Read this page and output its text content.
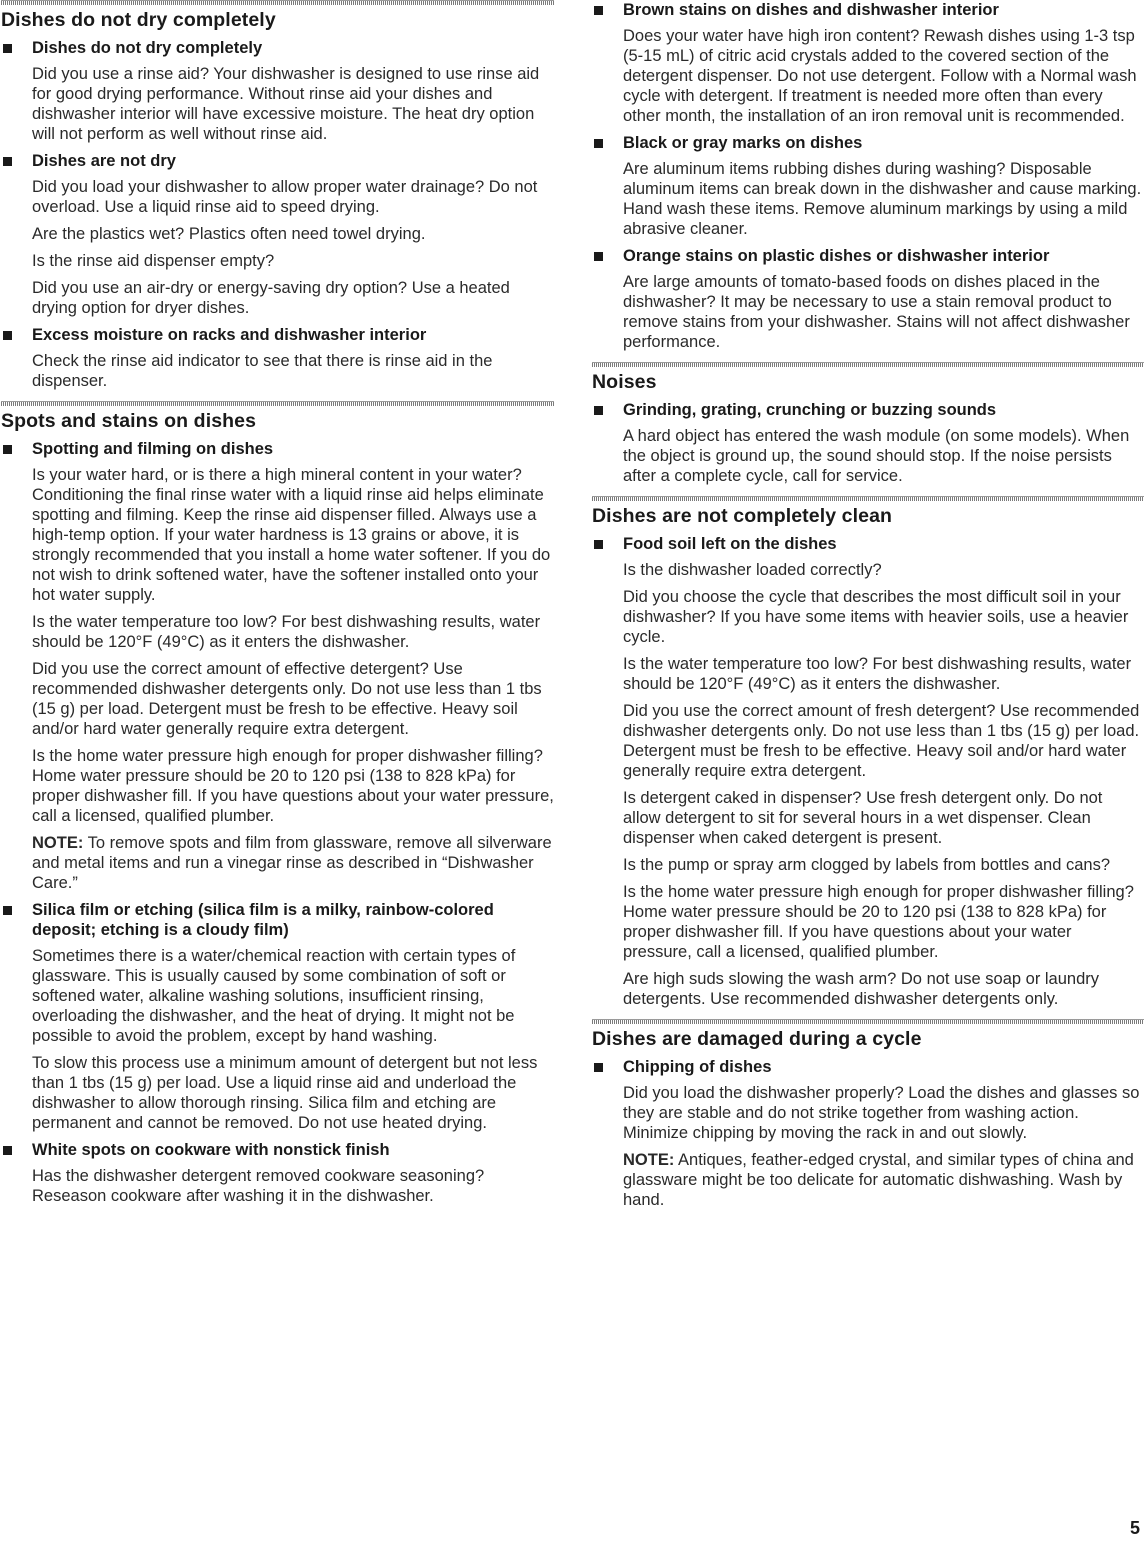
Dishes do not dry completely
Dishes do not dry completely
Did you use a rinse aid? Your dishwasher is designed to use rinse aid for good drying performance. Without rinse aid your dishes and dishwasher interior will have excessive moisture. The heat dry option will not perform as well without rinse aid.
Dishes are not dry
Did you load your dishwasher to allow proper water drainage? Do not overload. Use a liquid rinse aid to speed drying.
Are the plastics wet? Plastics often need towel drying.
Is the rinse aid dispenser empty?
Did you use an air-dry or energy-saving dry option? Use a heated drying option for dryer dishes.
Excess moisture on racks and dishwasher interior
Check the rinse aid indicator to see that there is rinse aid in the dispenser.
Spots and stains on dishes
Spotting and filming on dishes
Is your water hard, or is there a high mineral content in your water? Conditioning the final rinse water with a liquid rinse aid helps eliminate spotting and filming. Keep the rinse aid dispenser filled. Always use a high-temp option. If your water hardness is 13 grains or above, it is strongly recommended that you install a home water softener. If you do not wish to drink softened water, have the softener installed onto your hot water supply.
Is the water temperature too low? For best dishwashing results, water should be 120°F (49°C) as it enters the dishwasher.
Did you use the correct amount of effective detergent? Use recommended dishwasher detergents only. Do not use less than 1 tbs (15 g) per load. Detergent must be fresh to be effective. Heavy soil and/or hard water generally require extra detergent.
Is the home water pressure high enough for proper dishwasher filling? Home water pressure should be 20 to 120 psi (138 to 828 kPa) for proper dishwasher fill. If you have questions about your water pressure, call a licensed, qualified plumber.
NOTE: To remove spots and film from glassware, remove all silverware and metal items and run a vinegar rinse as described in “Dishwasher Care.”
Silica film or etching (silica film is a milky, rainbow-colored deposit; etching is a cloudy film)
Sometimes there is a water/chemical reaction with certain types of glassware. This is usually caused by some combination of soft or softened water, alkaline washing solutions, insufficient rinsing, overloading the dishwasher, and the heat of drying. It might not be possible to avoid the problem, except by hand washing.
To slow this process use a minimum amount of detergent but not less than 1 tbs (15 g) per load. Use a liquid rinse aid and underload the dishwasher to allow thorough rinsing. Silica film and etching are permanent and cannot be removed. Do not use heated drying.
White spots on cookware with nonstick finish
Has the dishwasher detergent removed cookware seasoning? Reseason cookware after washing it in the dishwasher.
Brown stains on dishes and dishwasher interior
Does your water have high iron content? Rewash dishes using 1-3 tsp (5-15 mL) of citric acid crystals added to the covered section of the detergent dispenser. Do not use detergent. Follow with a Normal wash cycle with detergent. If treatment is needed more often than every other month, the installation of an iron removal unit is recommended.
Black or gray marks on dishes
Are aluminum items rubbing dishes during washing? Disposable aluminum items can break down in the dishwasher and cause marking. Hand wash these items. Remove aluminum markings by using a mild abrasive cleaner.
Orange stains on plastic dishes or dishwasher interior
Are large amounts of tomato-based foods on dishes placed in the dishwasher? It may be necessary to use a stain removal product to remove stains from your dishwasher. Stains will not affect dishwasher performance.
Noises
Grinding, grating, crunching or buzzing sounds
A hard object has entered the wash module (on some models). When the object is ground up, the sound should stop. If the noise persists after a complete cycle, call for service.
Dishes are not completely clean
Food soil left on the dishes
Is the dishwasher loaded correctly?
Did you choose the cycle that describes the most difficult soil in your dishwasher? If you have some items with heavier soils, use a heavier cycle.
Is the water temperature too low? For best dishwashing results, water should be 120°F (49°C) as it enters the dishwasher.
Did you use the correct amount of fresh detergent? Use recommended dishwasher detergents only. Do not use less than 1 tbs (15 g) per load. Detergent must be fresh to be effective. Heavy soil and/or hard water generally require extra detergent.
Is detergent caked in dispenser? Use fresh detergent only. Do not allow detergent to sit for several hours in a wet dispenser. Clean dispenser when caked detergent is present.
Is the pump or spray arm clogged by labels from bottles and cans?
Is the home water pressure high enough for proper dishwasher filling? Home water pressure should be 20 to 120 psi (138 to 828 kPa) for proper dishwasher fill. If you have questions about your water pressure, call a licensed, qualified plumber.
Are high suds slowing the wash arm? Do not use soap or laundry detergents. Use recommended dishwasher detergents only.
Dishes are damaged during a cycle
Chipping of dishes
Did you load the dishwasher properly? Load the dishes and glasses so they are stable and do not strike together from washing action. Minimize chipping by moving the rack in and out slowly.
NOTE: Antiques, feather-edged crystal, and similar types of china and glassware might be too delicate for automatic dishwashing. Wash by hand.
5
